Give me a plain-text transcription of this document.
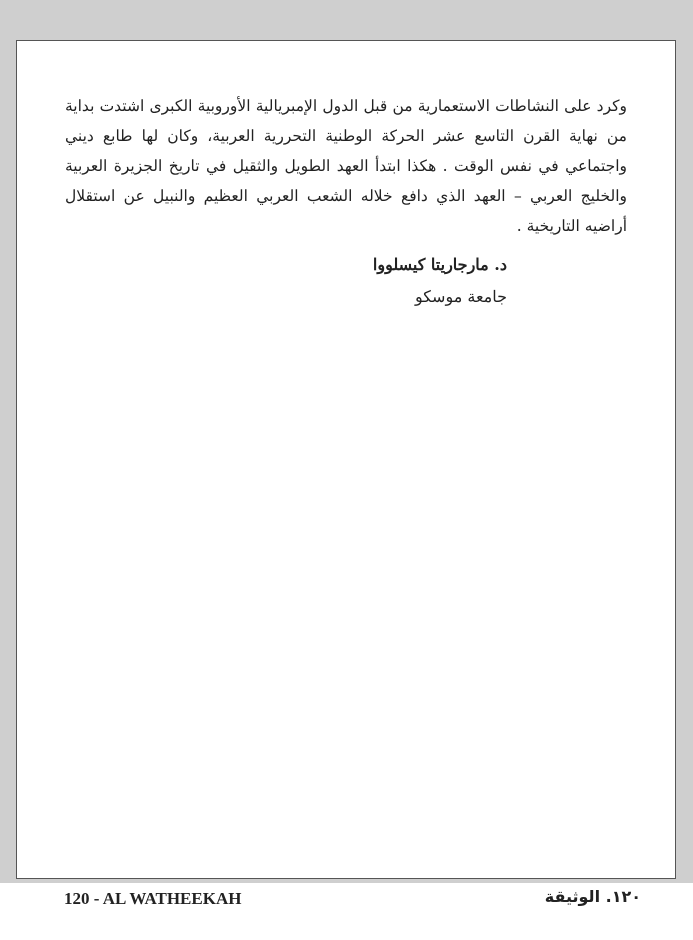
وكرد على النشاطات الاستعمارية من قبل الدول الإمبريالية الأوروبية الكبرى اشتدت بداية من نهاية القرن التاسع عشر الحركة الوطنية التحررية العربية، وكان لها طابع ديني واجتماعي في نفس الوقت . هكذا ابتدأ العهد الطويل والثقيل في تاريخ الجزيرة العربية والخليج العربي – العهد الذي دافع خلاله الشعب العربي العظيم والنبيل عن استقلال أراضيه التاريخية .

د. مارجاريتا كيسلووا
جامعة موسكو
120 - AL WATHEEKAH	١٢٠. الوثيقة
